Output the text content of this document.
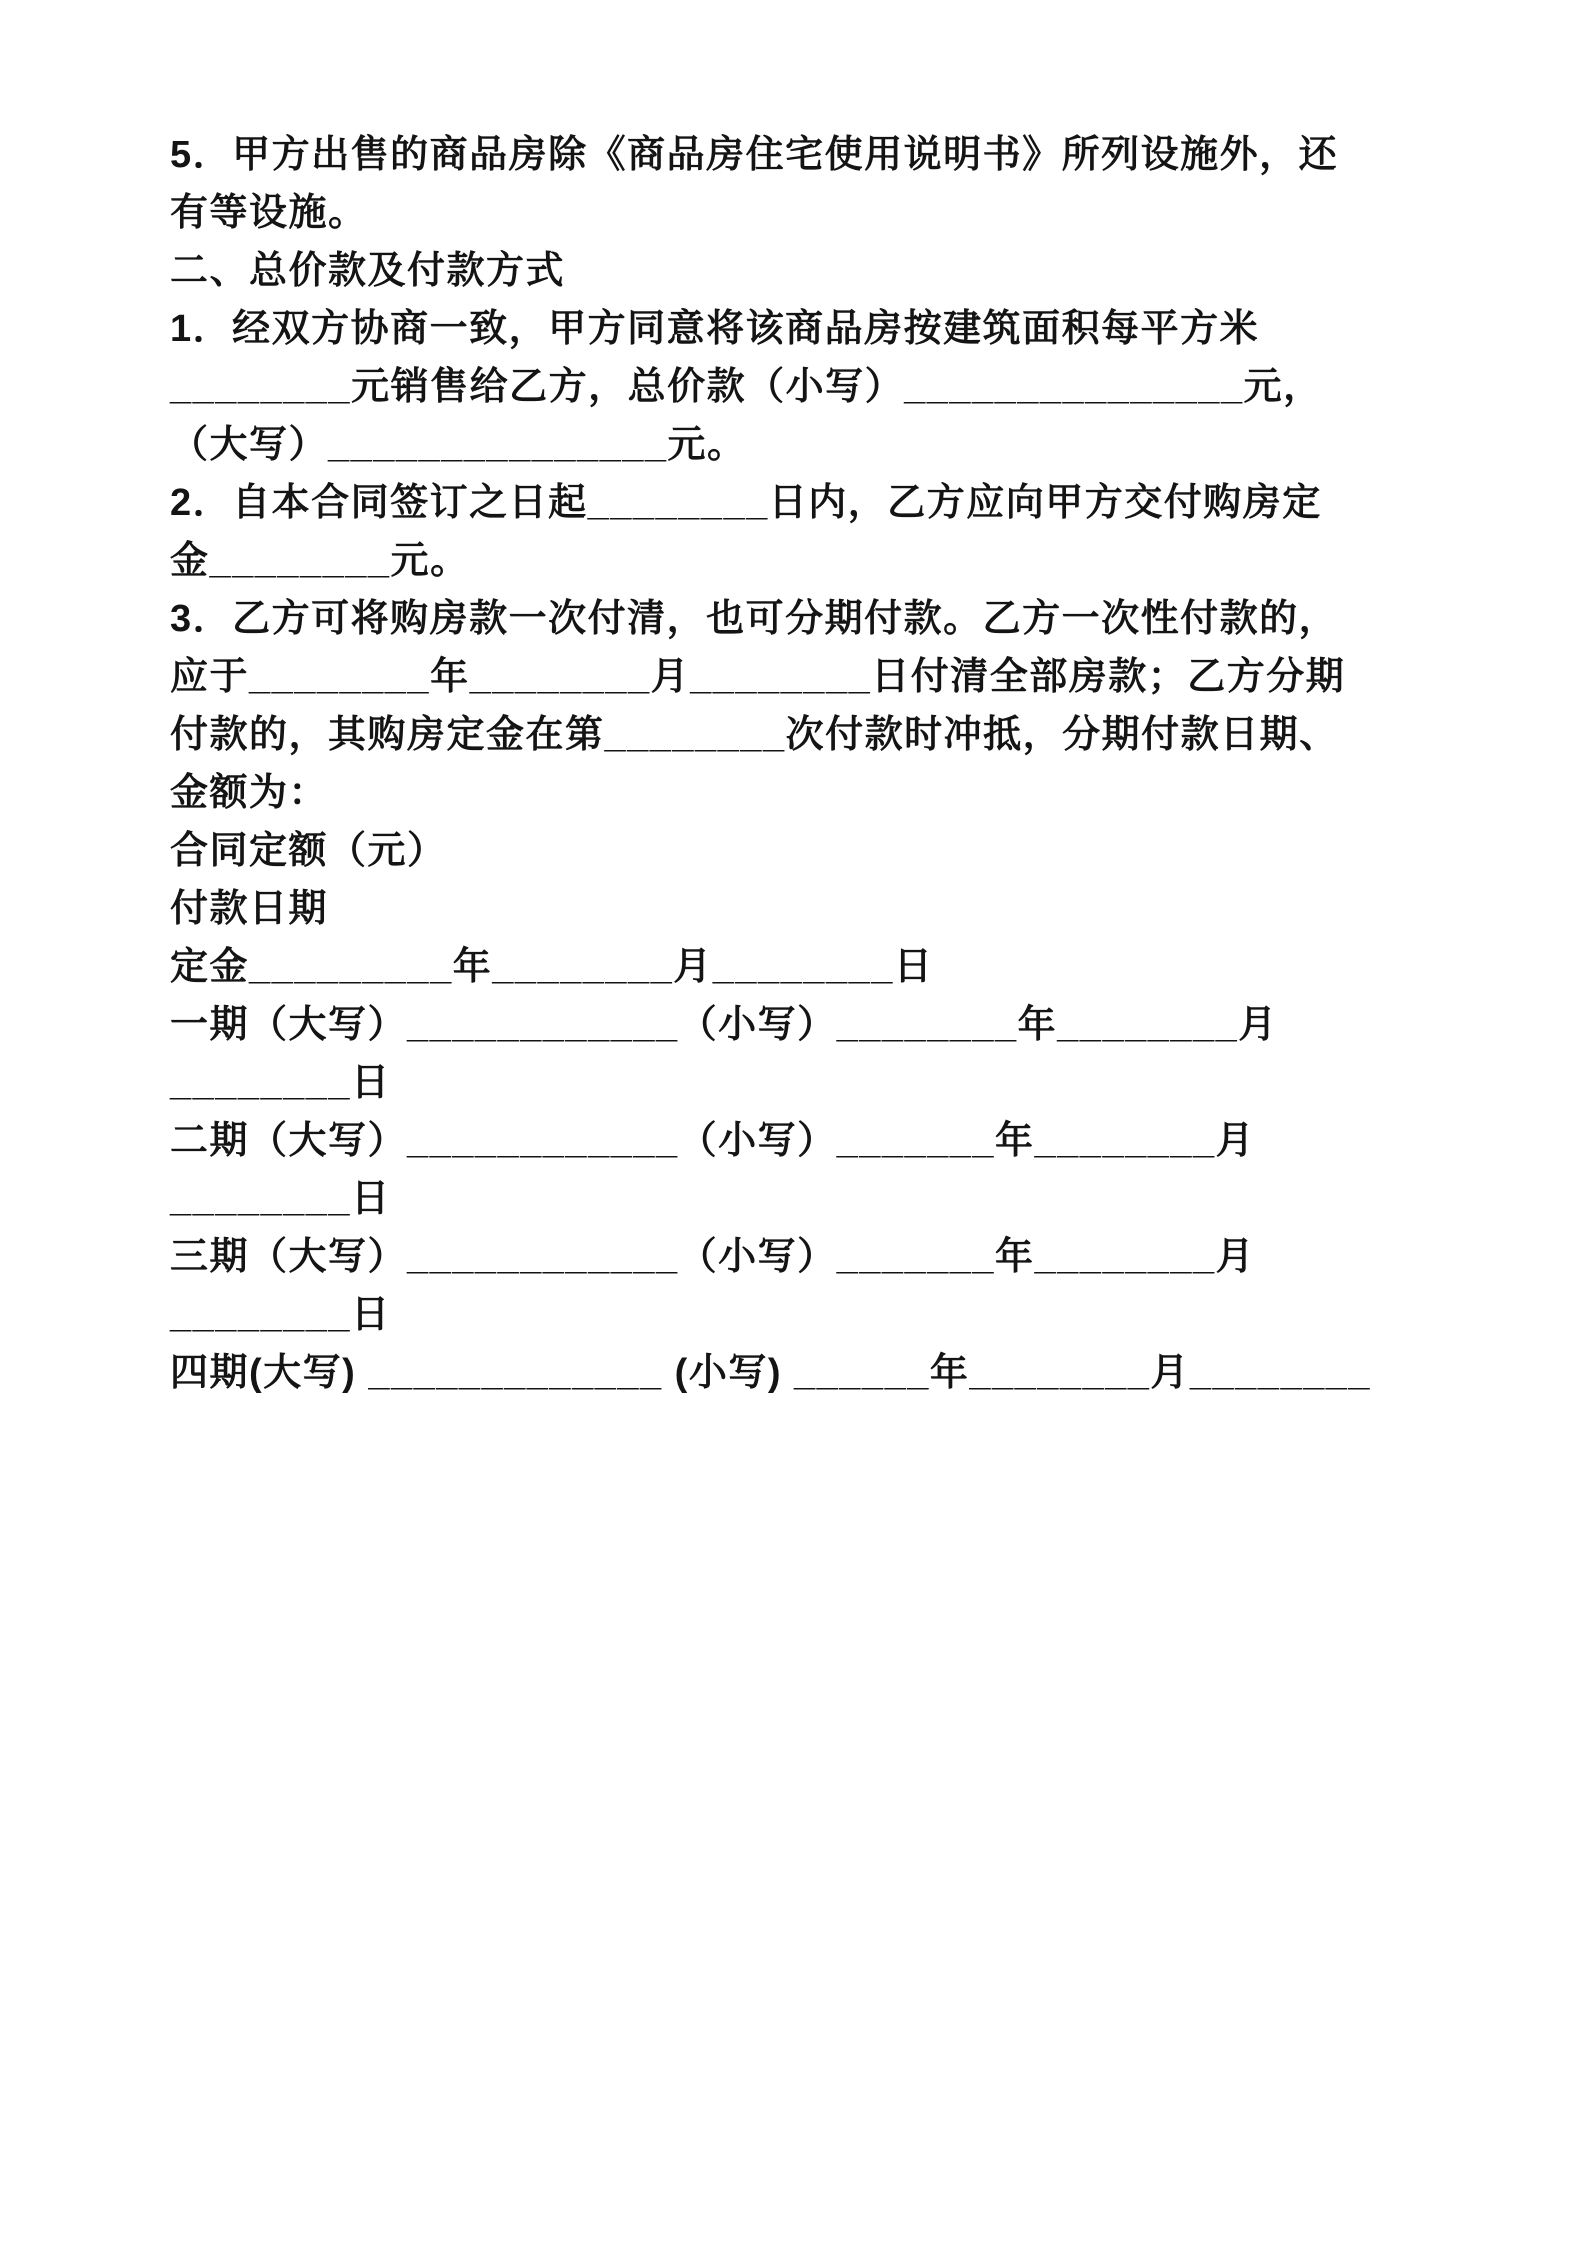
5．甲方出售的商品房除《商品房住宅使用说明书》所列设施外，还
有等设施。
二、总价款及付款方式
1．经双方协商一致，甲方同意将该商品房按建筑面积每平方米
________元销售给乙方，总价款（小写）_______________元，
（大写）_______________元。
2．自本合同签订之日起________日内，乙方应向甲方交付购房定
金________元。
3．乙方可将购房款一次付清，也可分期付款。乙方一次性付款的，
应于________年________月________日付清全部房款；乙方分期
付款的，其购房定金在第________次付款时冲抵，分期付款日期、
金额为：
合同定额（元）
付款日期
定金_________年________月________日
一期（大写）____________（小写）________年________月
________日
二期（大写）____________（小写）_______年________月
________日
三期（大写）____________（小写）_______年________月
________日
四期(大写) _____________ (小写) ______年________月________
